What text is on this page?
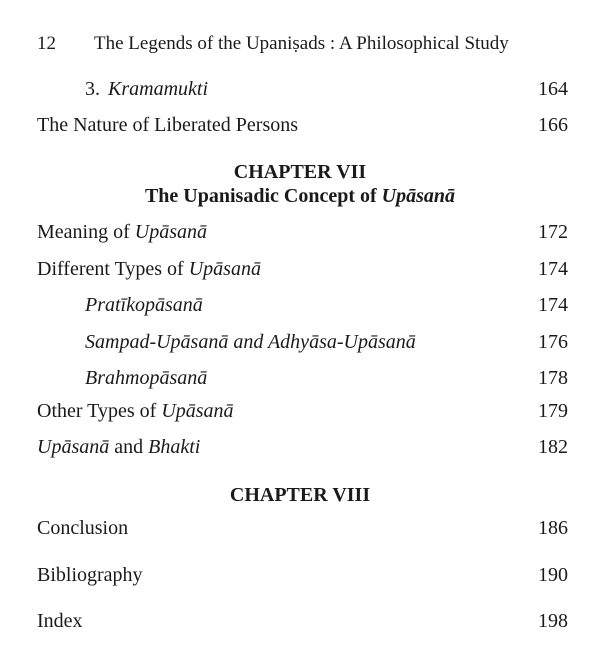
12 The Legends of the Upaniṣads : A Philosophical Study
3. Kramamukti	164
The Nature of Liberated Persons	166
CHAPTER VII
The Upanisadic Concept of Upāsanā
Meaning of Upāsanā	172
Different Types of Upāsanā	174
Pratīkopāsanā	174
Sampad-Upāsanā and Adhyāsa-Upāsanā	176
Brahmopāsanā	178
Other Types of Upāsanā	179
Upāsanā and Bhakti	182
CHAPTER VIII
Conclusion	186
Bibliography	190
Index	198
